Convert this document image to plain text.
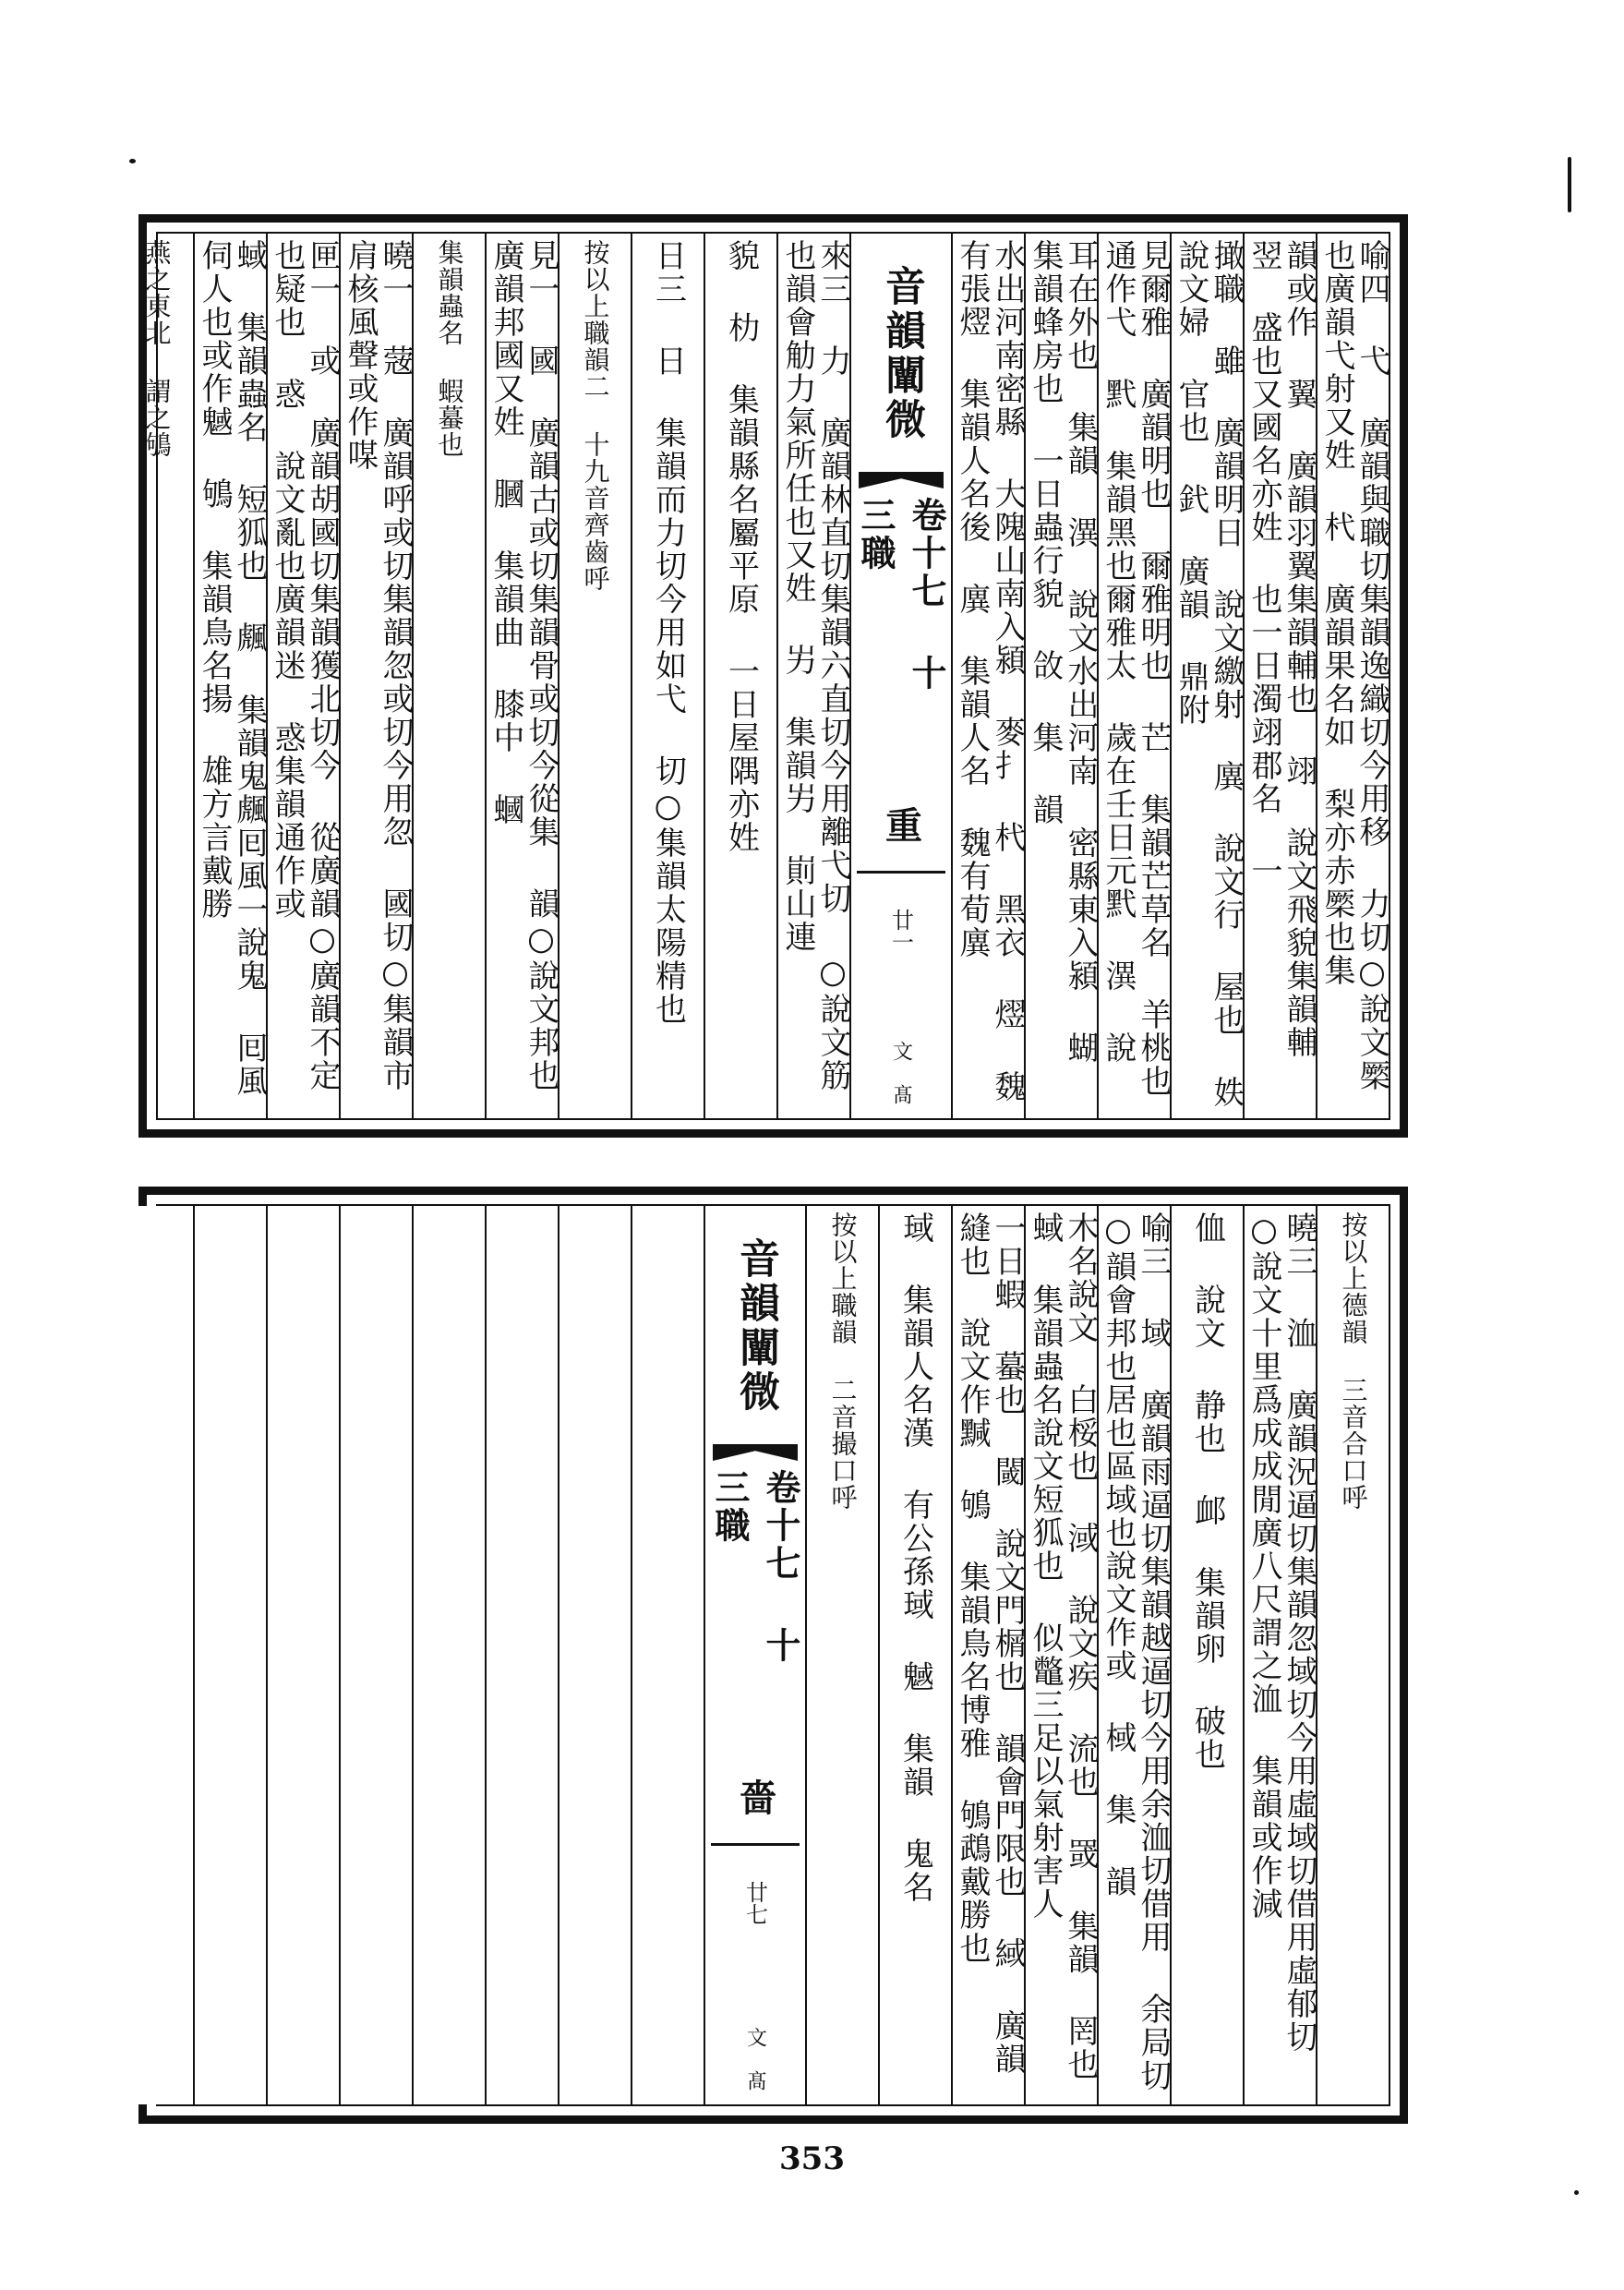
喻四 弋 廣韻與職切集韻逸織切今用移 力切○說文橜也廣韻弋射又姓 杙 廣韻果名如 梨亦赤橜也集
韻或作 翼 廣韻羽翼集韻輔也 翊 說文飛貌集韻輔 翌 盛也又國名亦姓 也一日濁翊郡名 一
撖職 雖 廣韻明日 說文繳射 廙 說文行 屋也 妷 說文婦 官也 釴 廣韻 鼎附
見爾雅 廣韻明也 爾雅明也 芒 集韻芒草名 羊桃也通作弋 黓 集韻黑也爾雅太 歲在壬日元黓 潩 說
耳在外也 集韻 潩 說文水出河南 密縣東入潁 蝴 集韻蜂房也 一日蟲行貌 㪉 集 韻
水出河南密縣 大隗山南入潁 麥扌 杙 黑衣 熤 魏有張熤 集韻人名後 廙 集韻人名 魏有荀廙
音韻闡微
卷十七 十三職
重
廿一
文 髙
來三 力 廣韻林直切集韻六直切今用離弋切 ○說文筋也韻會觔力氣所任也又姓 屴 集韻屴 崱山連
貌 朸 集韻縣名屬平原 一日屋隅亦姓
日三 日 集韻而力切今用如弋 切○集韻太陽精也
按以上職韻二 十九音齊齒呼
見一 國 廣韻古或切集韻骨或切今從集 韻○說文邦也廣韻邦國又姓 膕 集韻曲 膝中 蟈
集韻蟲名 蝦蟇也
曉一 䓻 廣韻呼或切集韻忽或切今用忽 國切○集韻市肩核風聲或作㖼
匣一 或 廣韻胡國切集韻獲北切今 從廣韻○廣韻不定也疑也 惑 說文亂也廣韻迷 惑集韻通作或
蜮 集韻蟲名 短狐也 䬌 集韻鬼䬌囘風一說鬼 囘風伺人也或作魊 鴝 集韻鳥名揚 雄方言戴勝
燕之東北 謂之鴝
按以上德韻 三音合口呼
曉三 洫 廣韻況逼切集韻忽域切今用虛域切借用虛郁切 ○說文十里爲成成閒廣八尺謂之洫 集韻或作減
侐 說文 静也 䘏 集韻卵 破也
喻三 域 廣韻雨逼切集韻越逼切今用余洫切借用 余局切○韻會邦也居也區域也說文作或 棫 集 韻
木名說文 白桵也 淢 說文疾 流也 罭 集韻 罔也 蜮 集韻蟲名說文短狐也 似鼈三足以氣射害人
一日蝦 蟇也 閾 說文門榍也 韻會門限也 緎 廣韻縫也 說文作黬 鴝 集韻鳥名博雅 鴝鵡戴勝也
琙 集韻人名漢 有公孫琙 魊 集韻 鬼名
按以上職韻 二音撮口呼
音韻闡微
卷十七 十三職
嗇
廿七
文 髙
353
